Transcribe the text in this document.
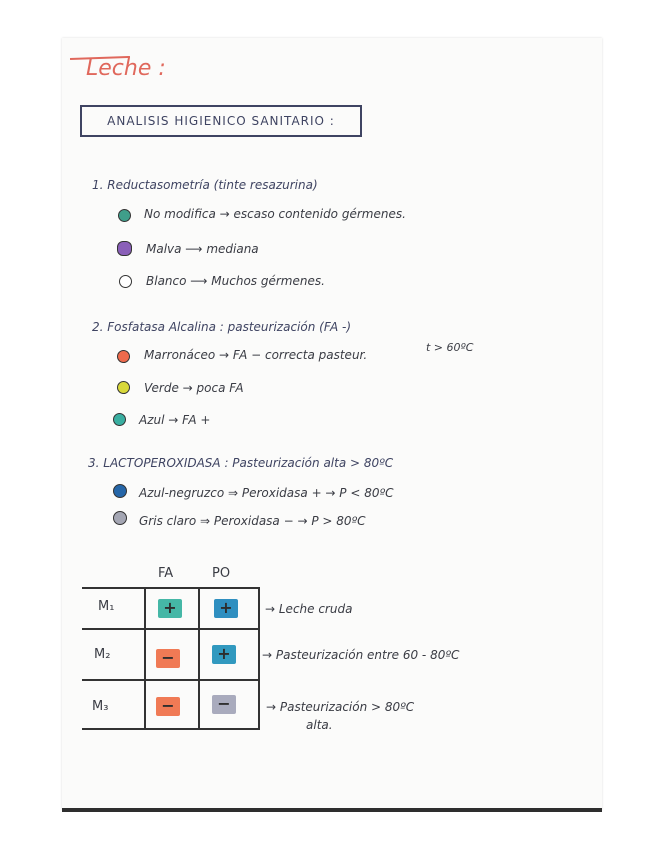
Leche :
ANALISIS HIGIENICO SANITARIO :
1. Reductasometría (tinte resazurina)
No modifica → escaso contenido gérmenes.
Malva ⟶ mediana
Blanco ⟶ Muchos gérmenes.
2. Fosfatasa Alcalina : pasteurización (FA -)
t > 60ºC
Marronáceo → FA − correcta pasteur.
Verde → poca FA
Azul → FA +
3. LACTOPEROXIDASA : Pasteurización alta > 80ºC
Azul-negruzco ⇒ Peroxidasa + → P < 80ºC
Gris claro ⇒ Peroxidasa − → P > 80ºC
FA	PO
M₁	+	+
M₂	−	+
M₃	−	−
→ Leche cruda
→ Pasteurización entre 60 - 80ºC
→ Pasteurización > 80ºC
alta.
